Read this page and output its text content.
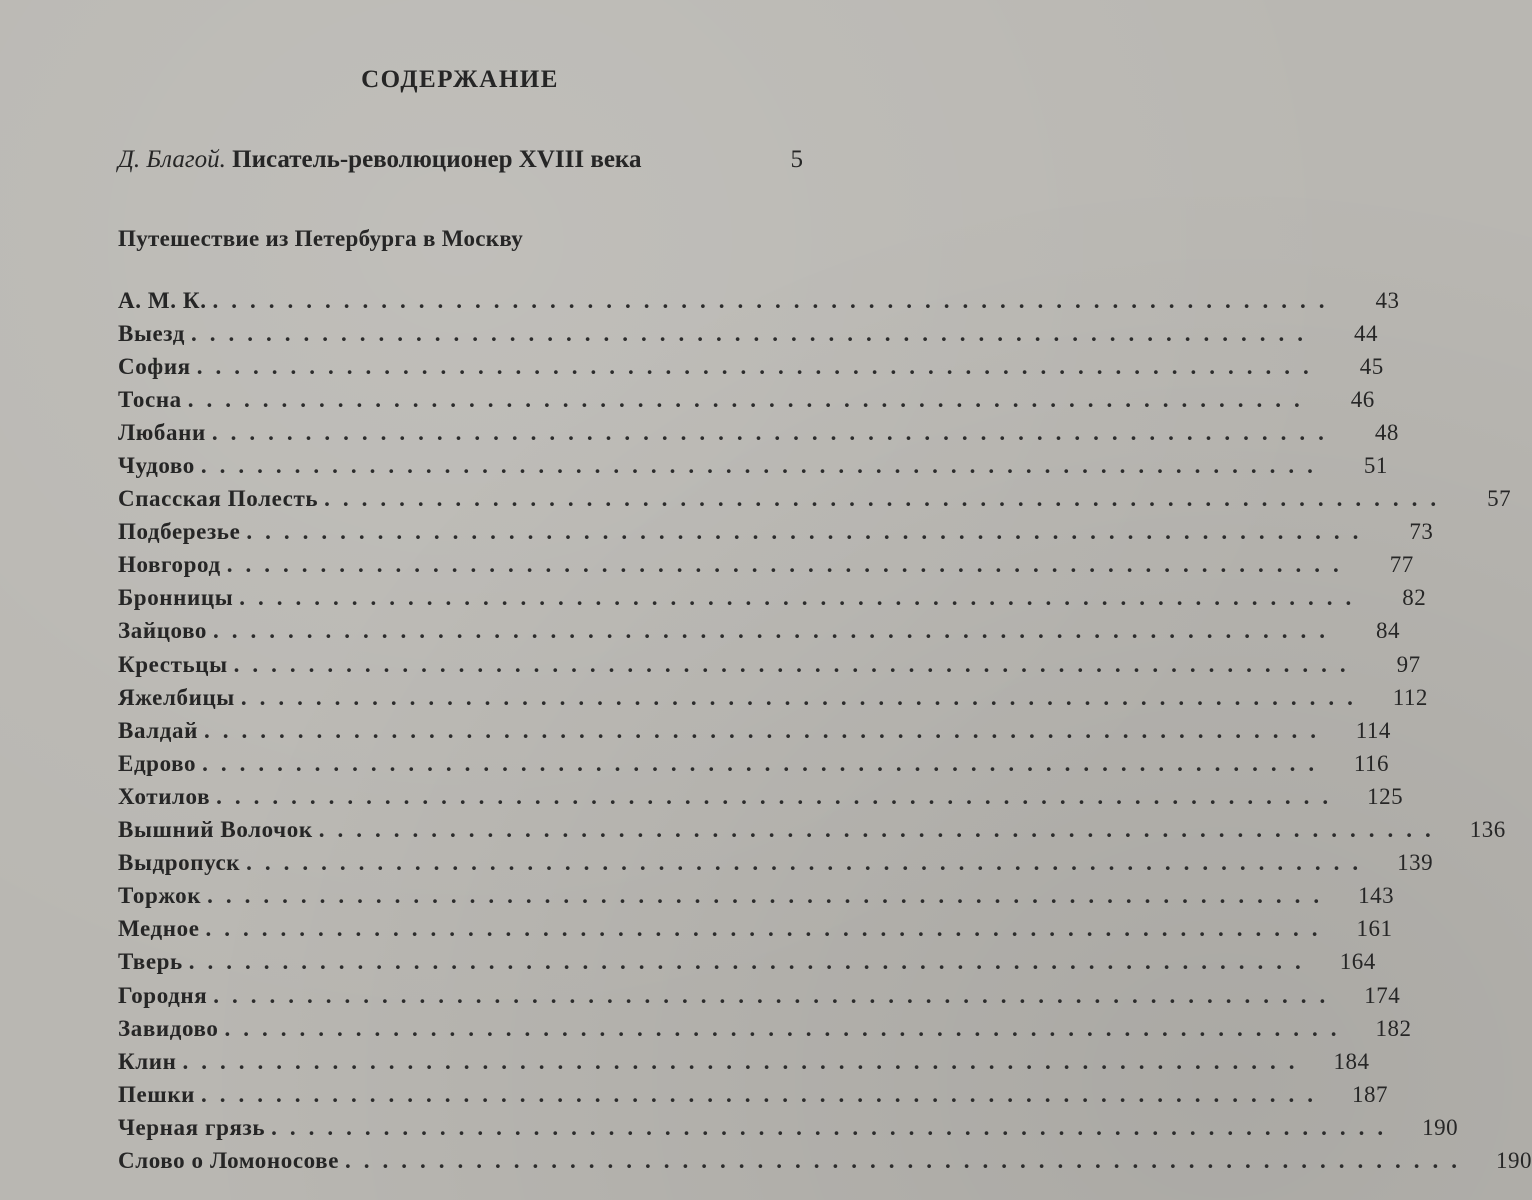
СОДЕРЖАНИЕ
Д. Благой. Писатель-революционер XVIII века	5
Путешествие из Петербурга в Москву
А. М. К. ............................................................	43
Выезд ............................................................	44
София ............................................................	45
Тосна ............................................................	46
Любани ............................................................	48
Чудово ............................................................	51
Спасская Полесть ............................................................	57
Подберезье ............................................................	73
Новгород ............................................................	77
Бронницы ............................................................	82
Зайцово ............................................................	84
Крестьцы ............................................................	97
Яжелбицы ............................................................	112
Валдай ............................................................	114
Едрово ............................................................	116
Хотилов ............................................................	125
Вышний Волочок ............................................................	136
Выдропуск ............................................................	139
Торжок ............................................................	143
Медное ............................................................	161
Тверь ............................................................	164
Городня ............................................................	174
Завидово ............................................................	182
Клин ............................................................	184
Пешки ............................................................	187
Черная грязь ............................................................	190
Слово о Ломоносове ............................................................	190
